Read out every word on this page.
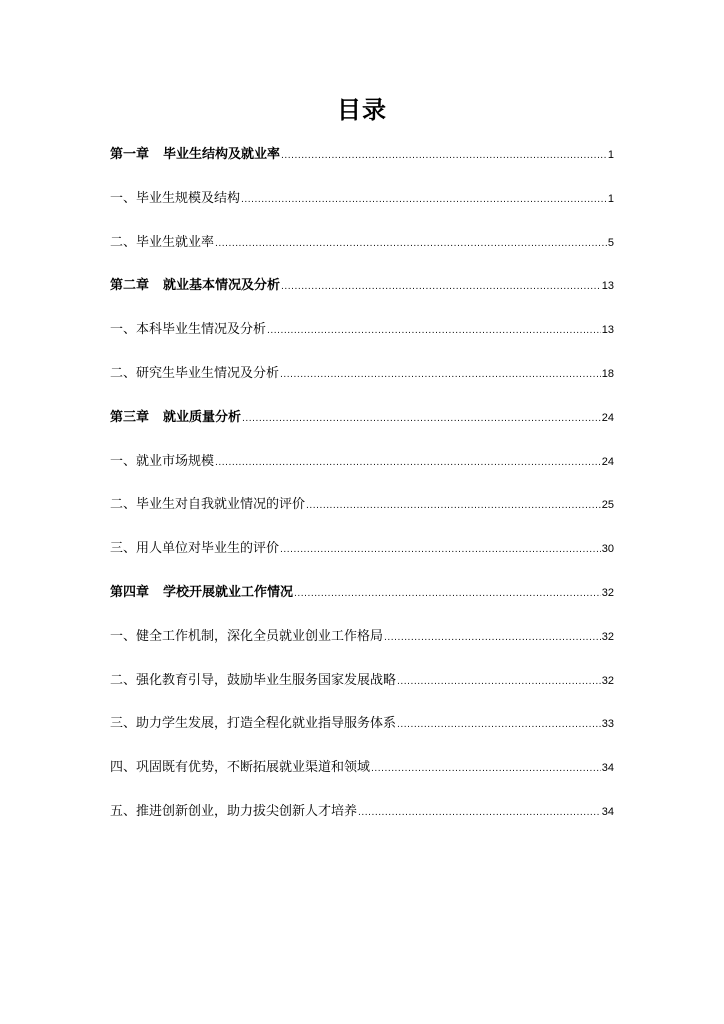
目录
第一章 毕业生结构及就业率 .....	1
一、毕业生规模及结构 .....	1
二、毕业生就业率 .....	5
第二章 就业基本情况及分析 .....	13
一、本科毕业生情况及分析 .....	13
二、研究生毕业生情况及分析 .....	18
第三章 就业质量分析 .....	24
一、就业市场规模 .....	24
二、毕业生对自我就业情况的评价 .....	25
三、用人单位对毕业生的评价 .....	30
第四章 学校开展就业工作情况 .....	32
一、健全工作机制，深化全员就业创业工作格局 .....	32
二、强化教育引导，鼓励毕业生服务国家发展战略 .....	32
三、助力学生发展，打造全程化就业指导服务体系 .....	33
四、巩固既有优势，不断拓展就业渠道和领域 .....	34
五、推进创新创业，助力拔尖创新人才培养 .....	34
